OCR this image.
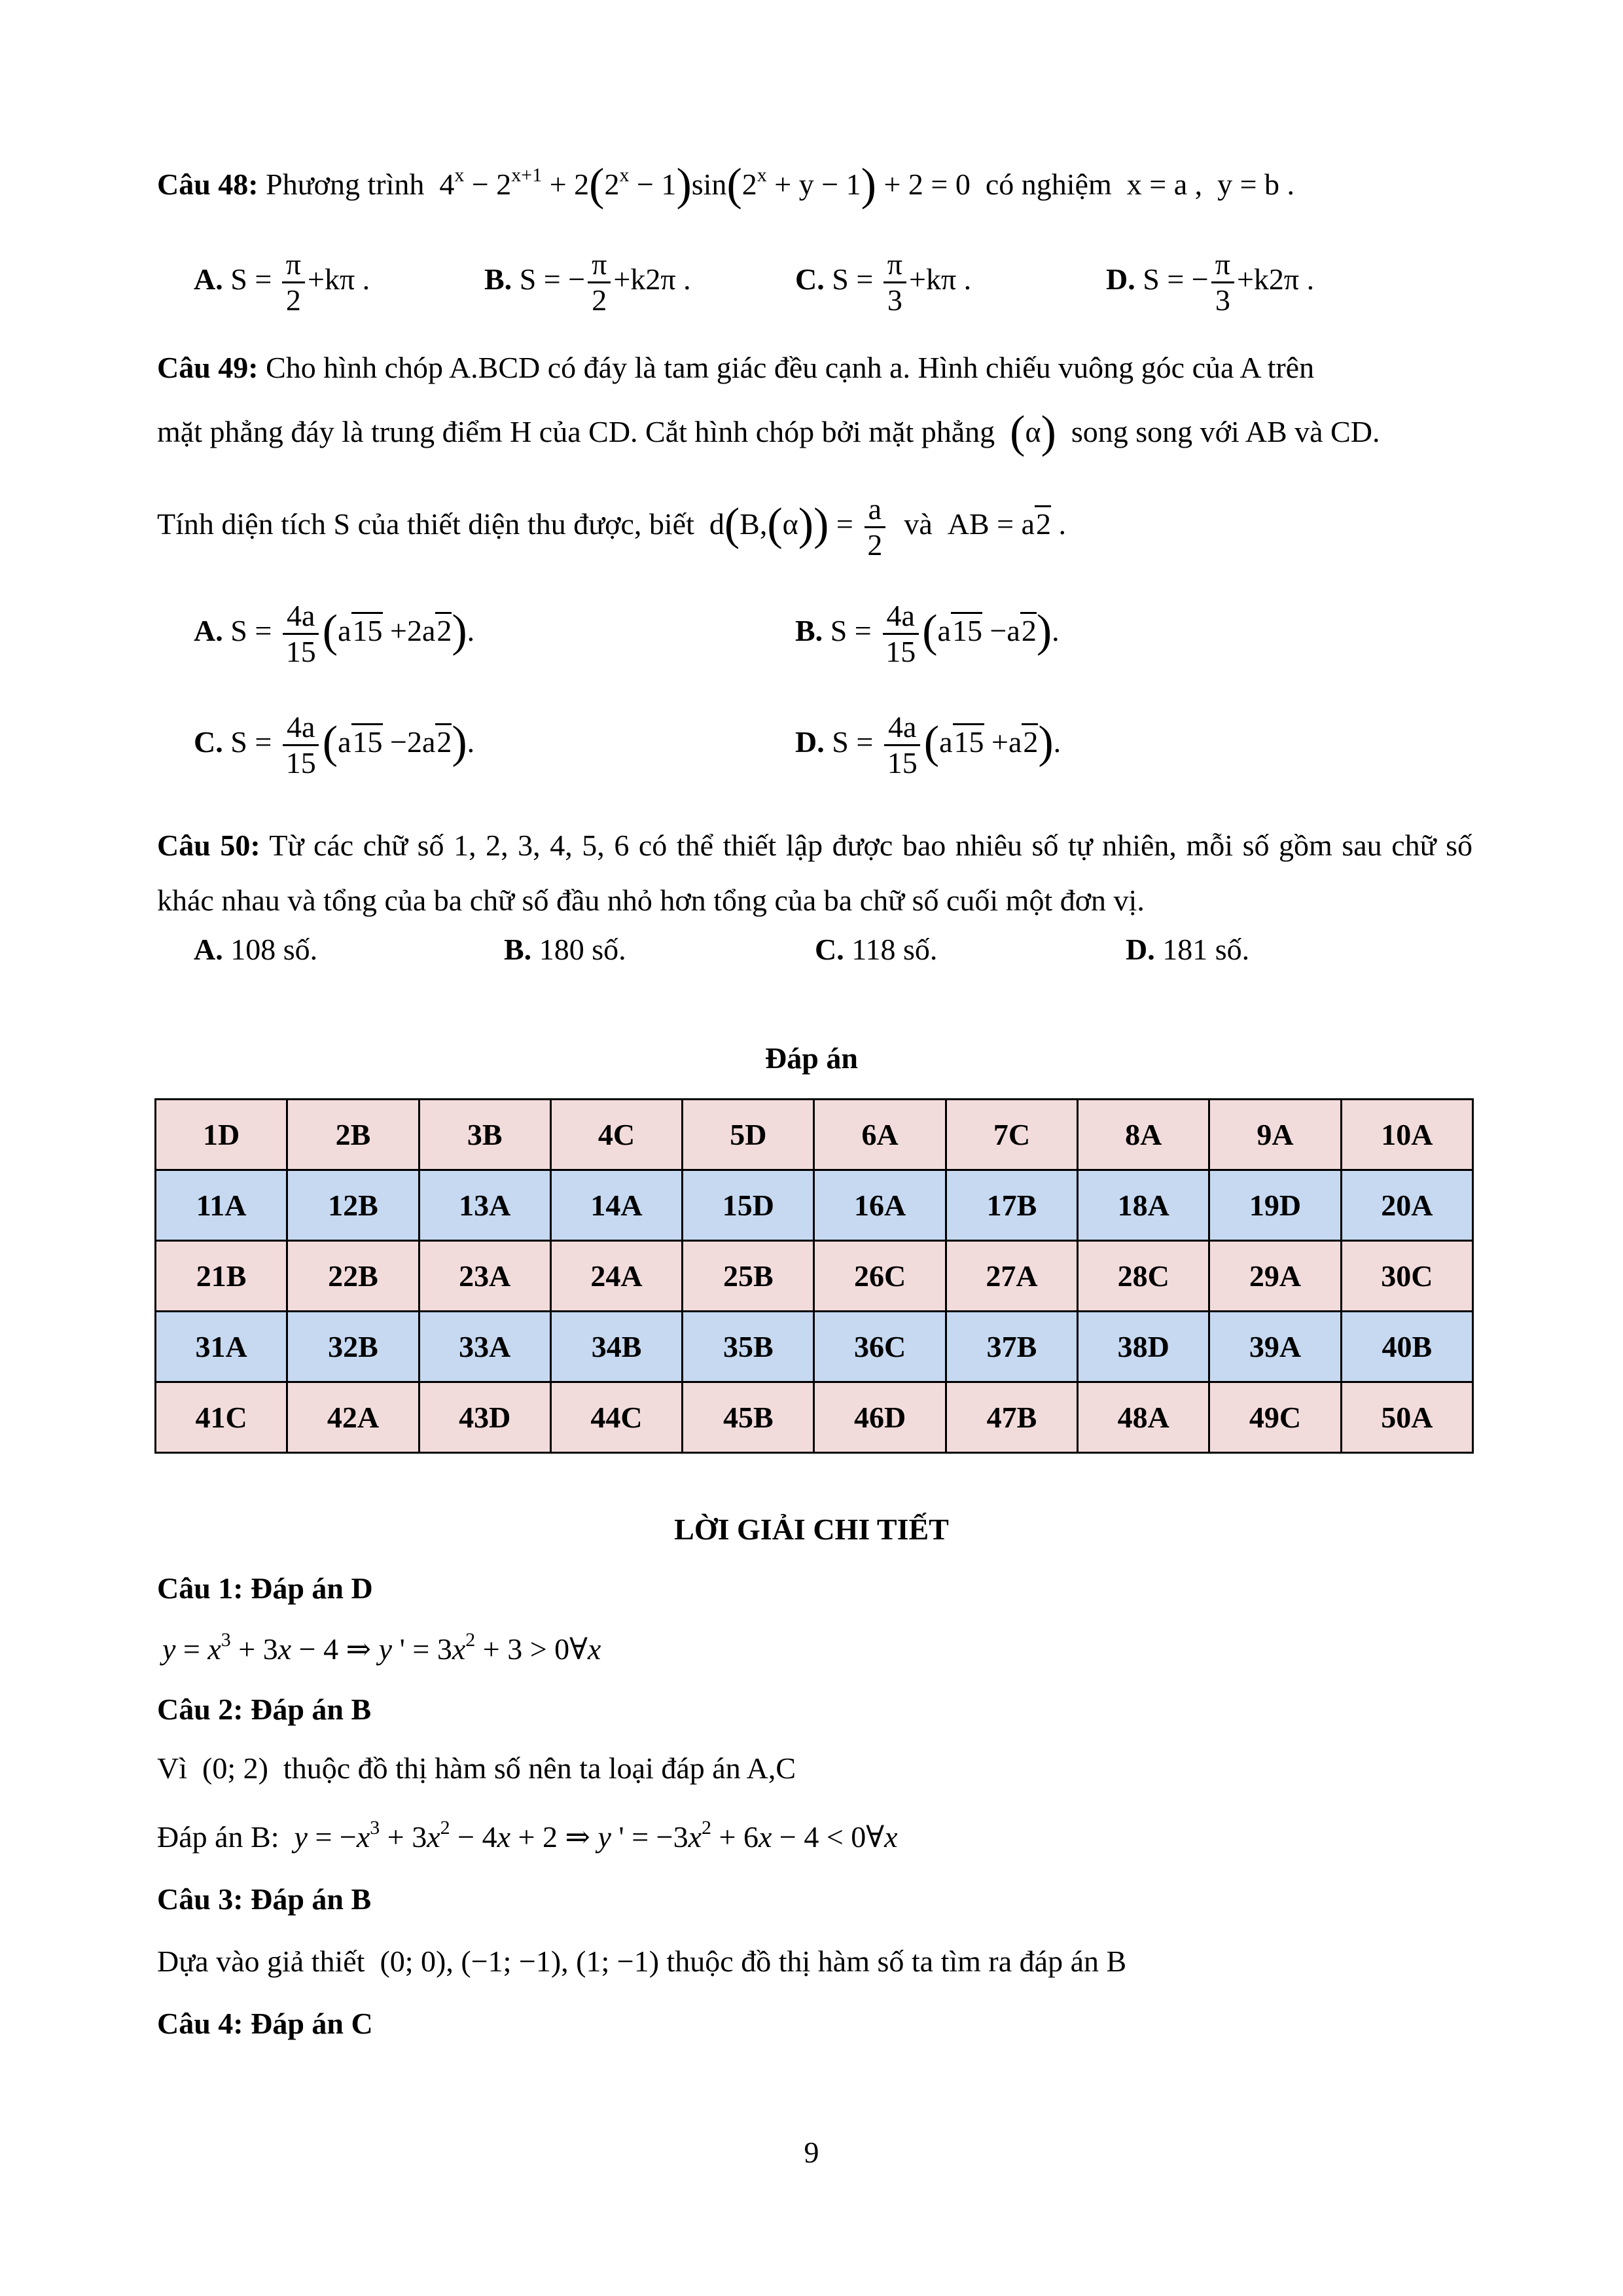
Câu 48: Phương trình  $4^x - 2^{x+1} + 2(2^x - 1)\sin(2^x + y - 1) + 2 = 0$  có nghiệm  x = a ,  y = b .
A. $S = \frac{\pi}{2} +k\pi$ .	B. S = − $\frac{\pi}{2} +k2\pi$ .	C. $S = \frac{\pi}{3} +k\pi$ .	D. S = − $\frac{\pi}{3} +k2\pi$ .
Câu 49: Cho hình chóp A.BCD có đáy là tam giác đều cạnh a. Hình chiếu vuông góc của A trên
mặt phẳng đáy là trung điểm H của CD. Cắt hình chóp bởi mặt phẳng (α) song song với AB và CD.
Tính diện tích S của thiết diện thu được, biết  $d(B,(\alpha)) = \frac{a}{2}$ và  AB = a2 .
A. $S = \frac{4a}{15} (a15 +2a2)$.	B. $S = \frac{4a}{15} (a15 -a2)$.
C. $S = \frac{4a}{15} (a15 -2a2)$.	D. $S = \frac{4a}{15} (a15 +a2)$.
Câu 50: Từ các chữ số 1, 2, 3, 4, 5, 6 có thể thiết lập được bao nhiêu số tự nhiên, mỗi số gồm sau chữ số khác nhau và tổng của ba chữ số đầu nhỏ hơn tổng của ba chữ số cuối một đơn vị.
A. 108 số.	B. 180 số.	C. 118 số.	D. 181 số.
Đáp án
1D	2B	3B	4C	5D	6A	7C	8A	9A	10A
11A	12B	13A	14A	15D	16A	17B	18A	19D	20A
21B	22B	23A	24A	25B	26C	27A	28C	29A	30C
31A	32B	33A	34B	35B	36C	37B	38D	39A	40B
41C	42A	43D	44C	45B	46D	47B	48A	49C	50A
LỜI GIẢI CHI TIẾT
Câu 1: Đáp án D
$y = x^3 + 3x - 4$ ⇒ y ' = $3x^2 + 3$ > 0∀x
Câu 2: Đáp án B
Vì  (0; 2)  thuộc đồ thị hàm số nên ta loại đáp án A,C
Đáp án B: $y = -x^3 + 3x^2 - 4x + 2$ ⇒ y ' = $-3x^2 + 6x - 4$ < 0∀x
Câu 3: Đáp án B
Dựa vào giả thiết  (0; 0), (−1; −1), (1; −1) thuộc đồ thị hàm số ta tìm ra đáp án B
Câu 4: Đáp án C
9
